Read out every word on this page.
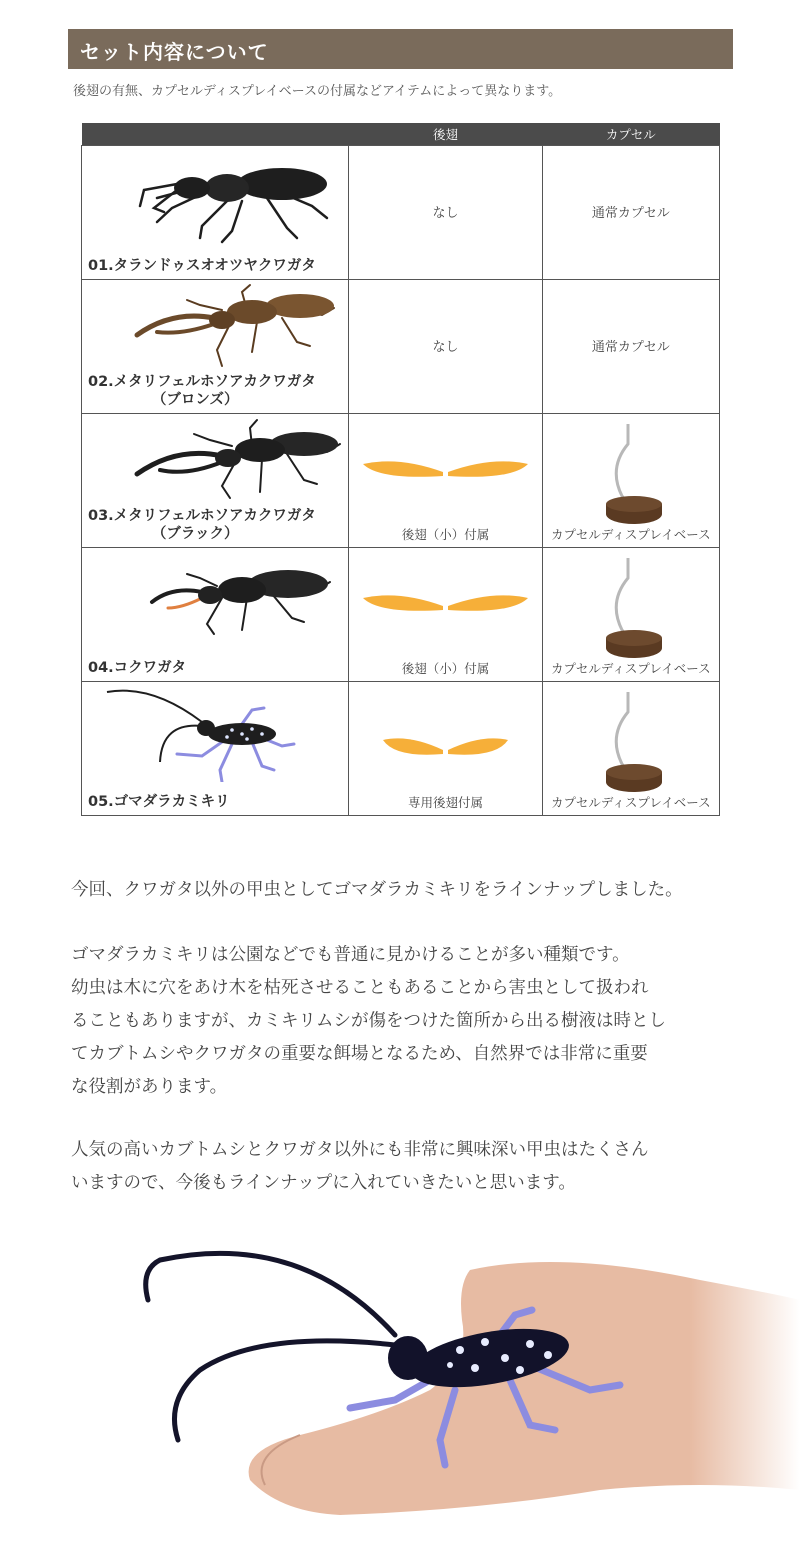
セット内容について
後翅の有無、カプセルディスプレイベースの付属などアイテムによって異なります。
	後翅	カプセル

01.タランドゥスオオツヤクワガタ	なし	通常カプセル

02.メタリフェルホソアカクワガタ
（ブロンズ）	なし	通常カプセル

03.メタリフェルホソアカクワガタ
（ブラック）	後翅（小）付属	カプセルディスプレイベース

04.コクワガタ	後翅（小）付属	カプセルディスプレイベース

05.ゴマダラカミキリ	専用後翅付属	カプセルディスプレイベース

今回、クワガタ以外の甲虫としてゴマダラカミキリをラインナップしました。

ゴマダラカミキリは公園などでも普通に見かけることが多い種類です。
幼虫は木に穴をあけ木を枯死させることもあることから害虫として扱われ
ることもありますが、カミキリムシが傷をつけた箇所から出る樹液は時とし
てカブトムシやクワガタの重要な餌場となるため、自然界では非常に重要
な役割があります。

人気の高いカブトムシとクワガタ以外にも非常に興味深い甲虫はたくさん
いますので、今後もラインナップに入れていきたいと思います。
